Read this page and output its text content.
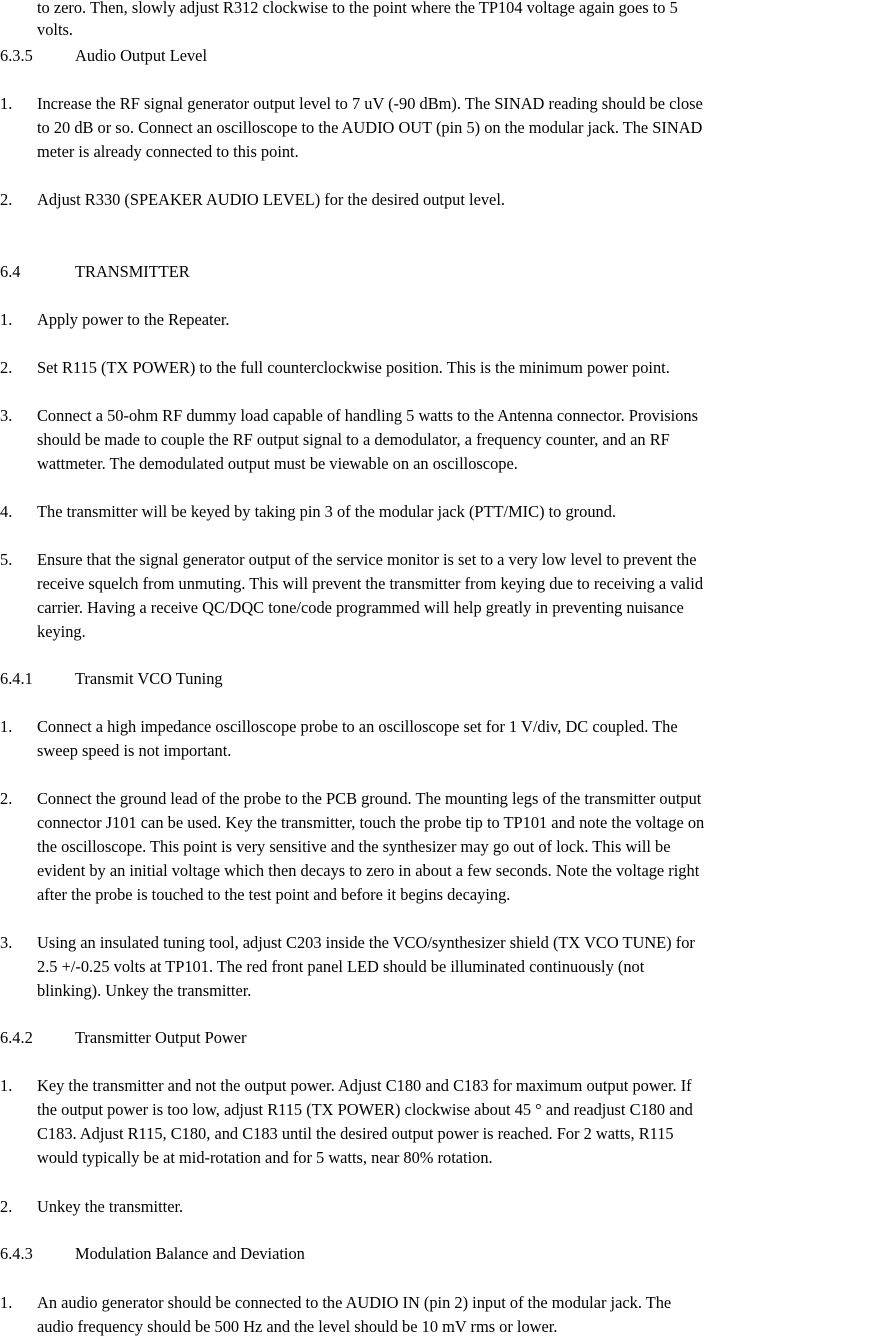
to zero. Then, slowly adjust R312 clockwise to the point where the TP104 voltage again goes to 5
volts.
6.3.5	Audio Output Level
1. Increase the RF signal generator output level to 7 uV (-90 dBm). The SINAD reading should be close
to 20 dB or so. Connect an oscilloscope to the AUDIO OUT (pin 5) on the modular jack. The SINAD
meter is already connected to this point.
2. Adjust R330 (SPEAKER AUDIO LEVEL) for the desired output level.
6.4	TRANSMITTER
1. Apply power to the Repeater.
2. Set R115 (TX POWER) to the full counterclockwise position. This is the minimum power point.
3. Connect a 50-ohm RF dummy load capable of handling 5 watts to the Antenna connector. Provisions
should be made to couple the RF output signal to a demodulator, a frequency counter, and an RF
wattmeter. The demodulated output must be viewable on an oscilloscope.
4. The transmitter will be keyed by taking pin 3 of the modular jack (PTT/MIC) to ground.
5. Ensure that the signal generator output of the service monitor is set to a very low level to prevent the
receive squelch from unmuting. This will prevent the transmitter from keying due to receiving a valid
carrier. Having a receive QC/DQC tone/code programmed will help greatly in preventing nuisance
keying.
6.4.1	Transmit VCO Tuning
1. Connect a high impedance oscilloscope probe to an oscilloscope set for 1 V/div, DC coupled. The
sweep speed is not important.
2. Connect the ground lead of the probe to the PCB ground. The mounting legs of the transmitter output
connector J101 can be used. Key the transmitter, touch the probe tip to TP101 and note the voltage on
the oscilloscope. This point is very sensitive and the synthesizer may go out of lock. This will be
evident by an initial voltage which then decays to zero in about a few seconds. Note the voltage right
after the probe is touched to the test point and before it begins decaying.
3. Using an insulated tuning tool, adjust C203 inside the VCO/synthesizer shield (TX VCO TUNE) for
2.5 +/-0.25 volts at TP101. The red front panel LED should be illuminated continuously (not
blinking). Unkey the transmitter.
6.4.2	Transmitter Output Power
1. Key the transmitter and not the output power. Adjust C180 and C183 for maximum output power. If
the output power is too low, adjust R115 (TX POWER) clockwise about 45 ° and readjust C180 and
C183. Adjust R115, C180, and C183 until the desired output power is reached. For 2 watts, R115
would typically be at mid-rotation and for 5 watts, near 80% rotation.
2. Unkey the transmitter.
6.4.3	Modulation Balance and Deviation
1. An audio generator should be connected to the AUDIO IN (pin 2) input of the modular jack. The
audio frequency should be 500 Hz and the level should be 10 mV rms or lower.
